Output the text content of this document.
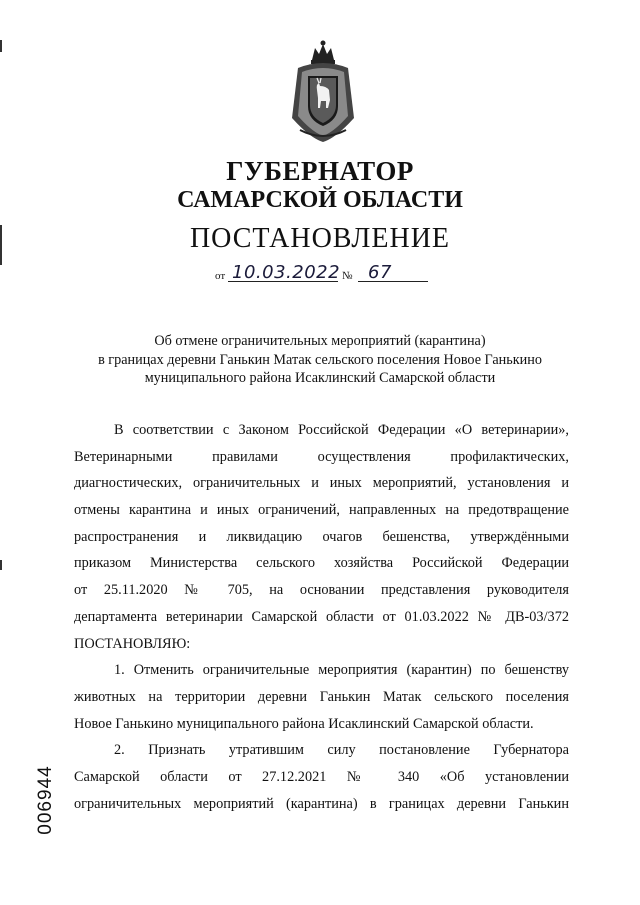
ГУБЕРНАТОР
САМАРСКОЙ ОБЛАСТИ
ПОСТАНОВЛЕНИЕ
от 10.03.2022 № 67
Об отмене ограничительных мероприятий (карантина)
в границах деревни Ганькин Матак сельского поселения Новое Ганькино
муниципального района Исаклинский Самарской области
В соответствии с Законом Российской Федерации «О ветеринарии»,
Ветеринарными правилами осуществления профилактических,
диагностических, ограничительных и иных мероприятий, установления и
отмены карантина и иных ограничений, направленных на предотвращение
распространения и ликвидацию очагов бешенства, утверждёнными
приказом Министерства сельского хозяйства Российской Федерации
от 25.11.2020 № 705, на основании представления руководителя
департамента ветеринарии Самарской области от 01.03.2022 № ДВ-03/372
ПОСТАНОВЛЯЮ:
1. Отменить ограничительные мероприятия (карантин) по бешенству
животных на территории деревни Ганькин Матак сельского поселения
Новое Ганькино муниципального района Исаклинский Самарской области.
2. Признать утратившим силу постановление Губернатора
Самарской области от 27.12.2021 № 340 «Об установлении
ограничительных мероприятий (карантина) в границах деревни Ганькин
006944
